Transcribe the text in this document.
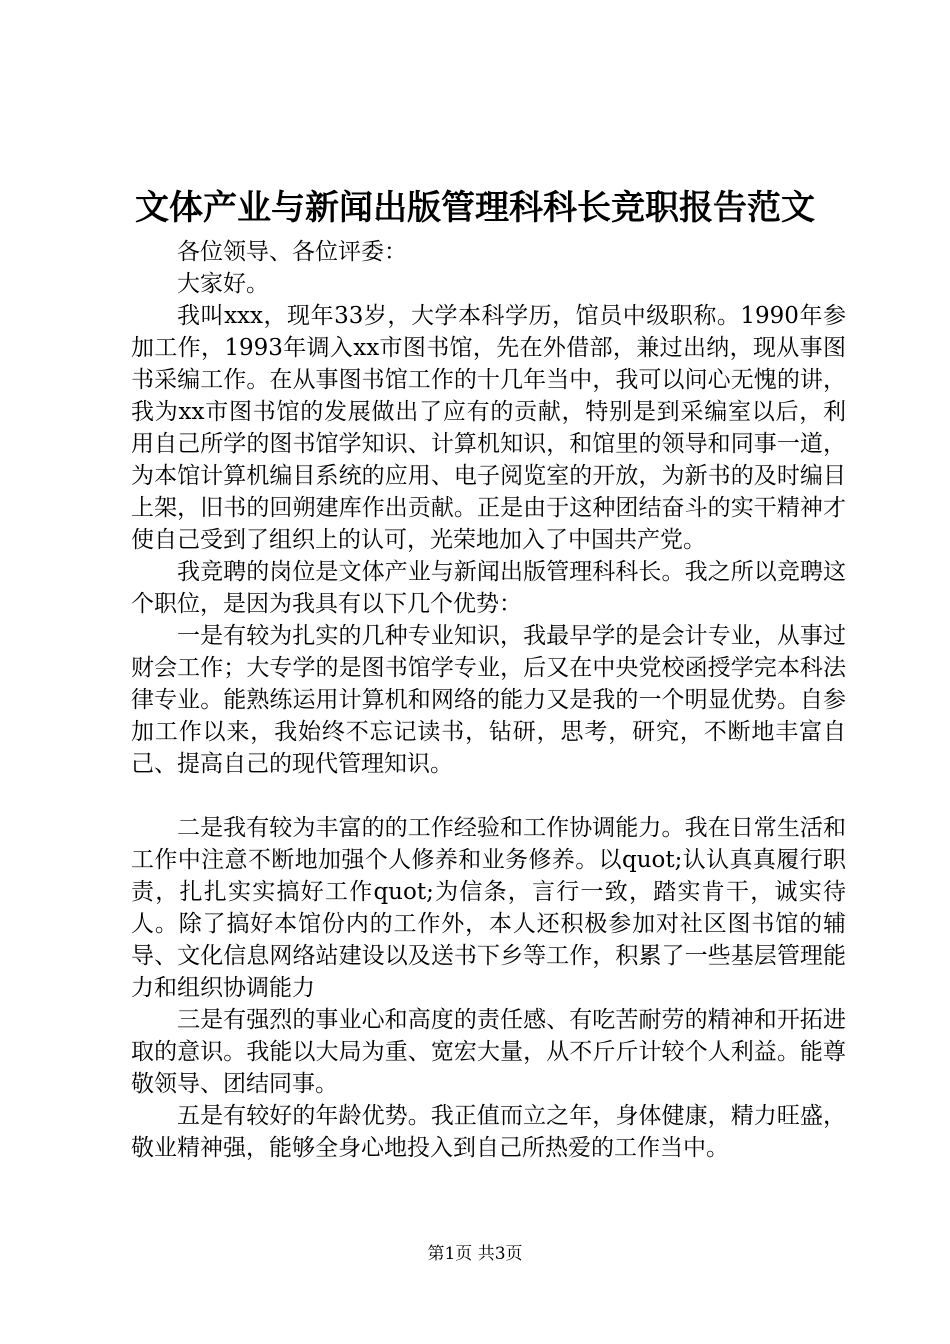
文体产业与新闻出版管理科科长竞职报告范文

各位领导、各位评委：

大家好。

我叫xxx，现年33岁，大学本科学历，馆员中级职称。1990年参加工作，1993年调入xx市图书馆，先在外借部，兼过出纳，现从事图书采编工作。在从事图书馆工作的十几年当中，我可以问心无愧的讲，我为xx市图书馆的发展做出了应有的贡献，特别是到采编室以后，利用自己所学的图书馆学知识、计算机知识，和馆里的领导和同事一道，为本馆计算机编目系统的应用、电子阅览室的开放，为新书的及时编目上架，旧书的回朔建库作出贡献。正是由于这种团结奋斗的实干精神才使自己受到了组织上的认可，光荣地加入了中国共产党。

我竞聘的岗位是文体产业与新闻出版管理科科长。我之所以竞聘这个职位，是因为我具有以下几个优势：

一是有较为扎实的几种专业知识，我最早学的是会计专业，从事过财会工作；大专学的是图书馆学专业，后又在中央党校函授学完本科法律专业。能熟练运用计算机和网络的能力又是我的一个明显优势。自参加工作以来，我始终不忘记读书，钻研，思考，研究，不断地丰富自己、提高自己的现代管理知识。

二是我有较为丰富的的工作经验和工作协调能力。我在日常生活和工作中注意不断地加强个人修养和业务修养。以quot;认认真真履行职责，扎扎实实搞好工作quot;为信条，言行一致，踏实肯干，诚实待人。除了搞好本馆份内的工作外，本人还积极参加对社区图书馆的辅导、文化信息网络站建设以及送书下乡等工作，积累了一些基层管理能力和组织协调能力

三是有强烈的事业心和高度的责任感、有吃苦耐劳的精神和开拓进取的意识。我能以大局为重、宽宏大量，从不斤斤计较个人利益。能尊敬领导、团结同事。

五是有较好的年龄优势。我正值而立之年，身体健康，精力旺盛，敬业精神强，能够全身心地投入到自己所热爱的工作当中。

第1页 共3页
